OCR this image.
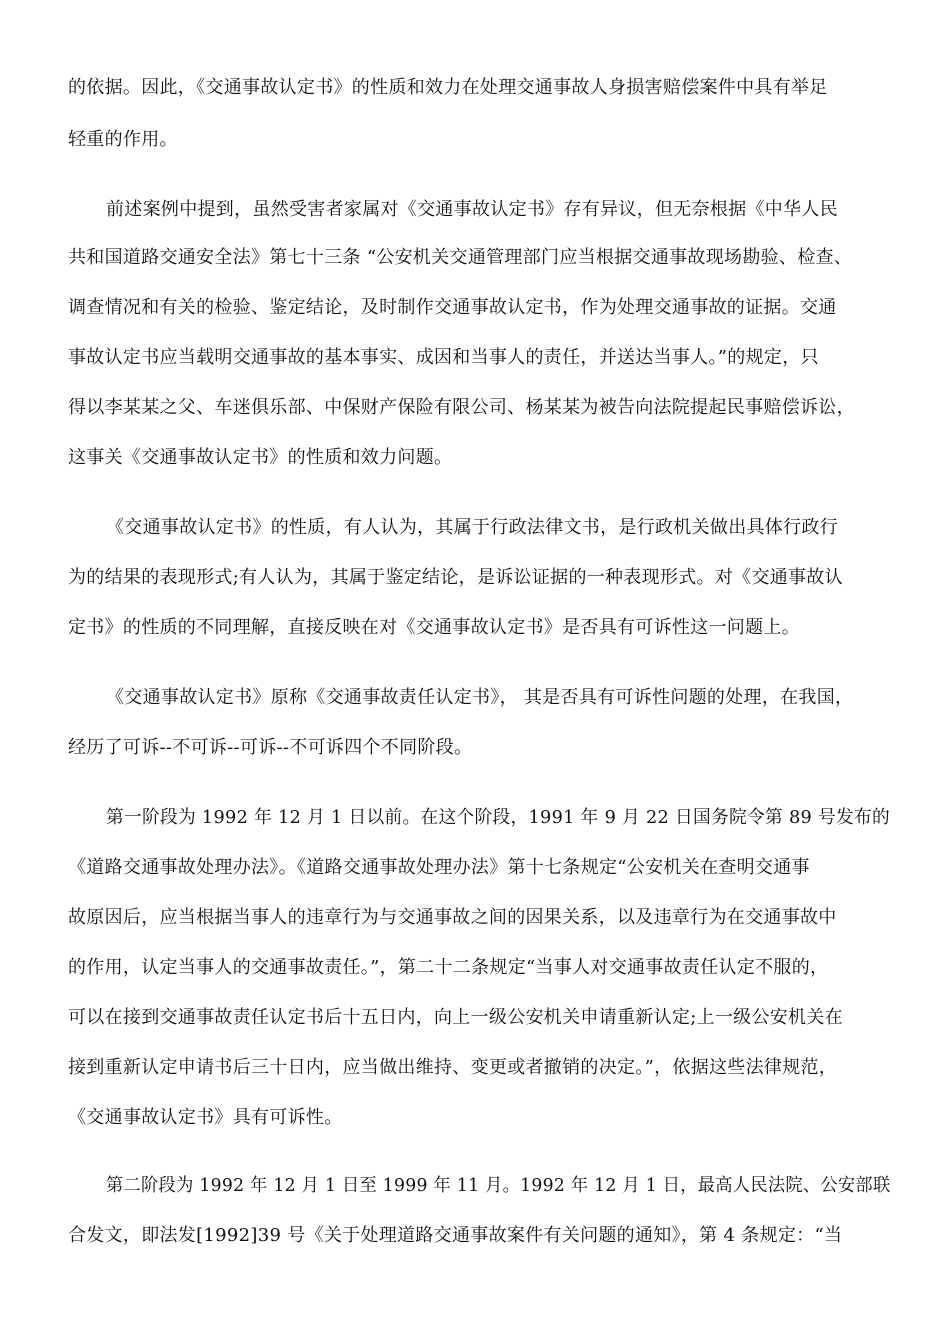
的依据。因此，《交通事故认定书》的性质和效力在处理交通事故人身损害赔偿案件中具有举足
轻重的作用。
前述案例中提到，虽然受害者家属对《交通事故认定书》存有异议，但无奈根据《中华人民
共和国道路交通安全法》第七十三条 “公安机关交通管理部门应当根据交通事故现场勘验、检查、
调查情况和有关的检验、鉴定结论，及时制作交通事故认定书，作为处理交通事故的证据。交通
事故认定书应当载明交通事故的基本事实、成因和当事人的责任，并送达当事人。”的规定，只
得以李某某之父、车迷俱乐部、中保财产保险有限公司、杨某某为被告向法院提起民事赔偿诉讼，
这事关《交通事故认定书》的性质和效力问题。
《交通事故认定书》的性质，有人认为，其属于行政法律文书，是行政机关做出具体行政行
为的结果的表现形式;有人认为，其属于鉴定结论，是诉讼证据的一种表现形式。对《交通事故认
定书》的性质的不同理解，直接反映在对《交通事故认定书》是否具有可诉性这一问题上。
《交通事故认定书》原称《交通事故责任认定书》， 其是否具有可诉性问题的处理，在我国，
经历了可诉--不可诉--可诉--不可诉四个不同阶段。
第一阶段为 1992 年 12 月 1 日以前。在这个阶段，1991 年 9 月 22 日国务院令第 89 号发布的
《道路交通事故处理办法》。《道路交通事故处理办法》第十七条规定“公安机关在查明交通事
故原因后，应当根据当事人的违章行为与交通事故之间的因果关系，以及违章行为在交通事故中
的作用，认定当事人的交通事故责任。”，第二十二条规定“当事人对交通事故责任认定不服的，
可以在接到交通事故责任认定书后十五日内，向上一级公安机关申请重新认定;上一级公安机关在
接到重新认定申请书后三十日内，应当做出维持、变更或者撤销的决定。”，依据这些法律规范，
《交通事故认定书》具有可诉性。
第二阶段为 1992 年 12 月 1 日至 1999 年 11 月。1992 年 12 月 1 日，最高人民法院、公安部联
合发文，即法发[1992]39 号《关于处理道路交通事故案件有关问题的通知》，第 4 条规定：“当
